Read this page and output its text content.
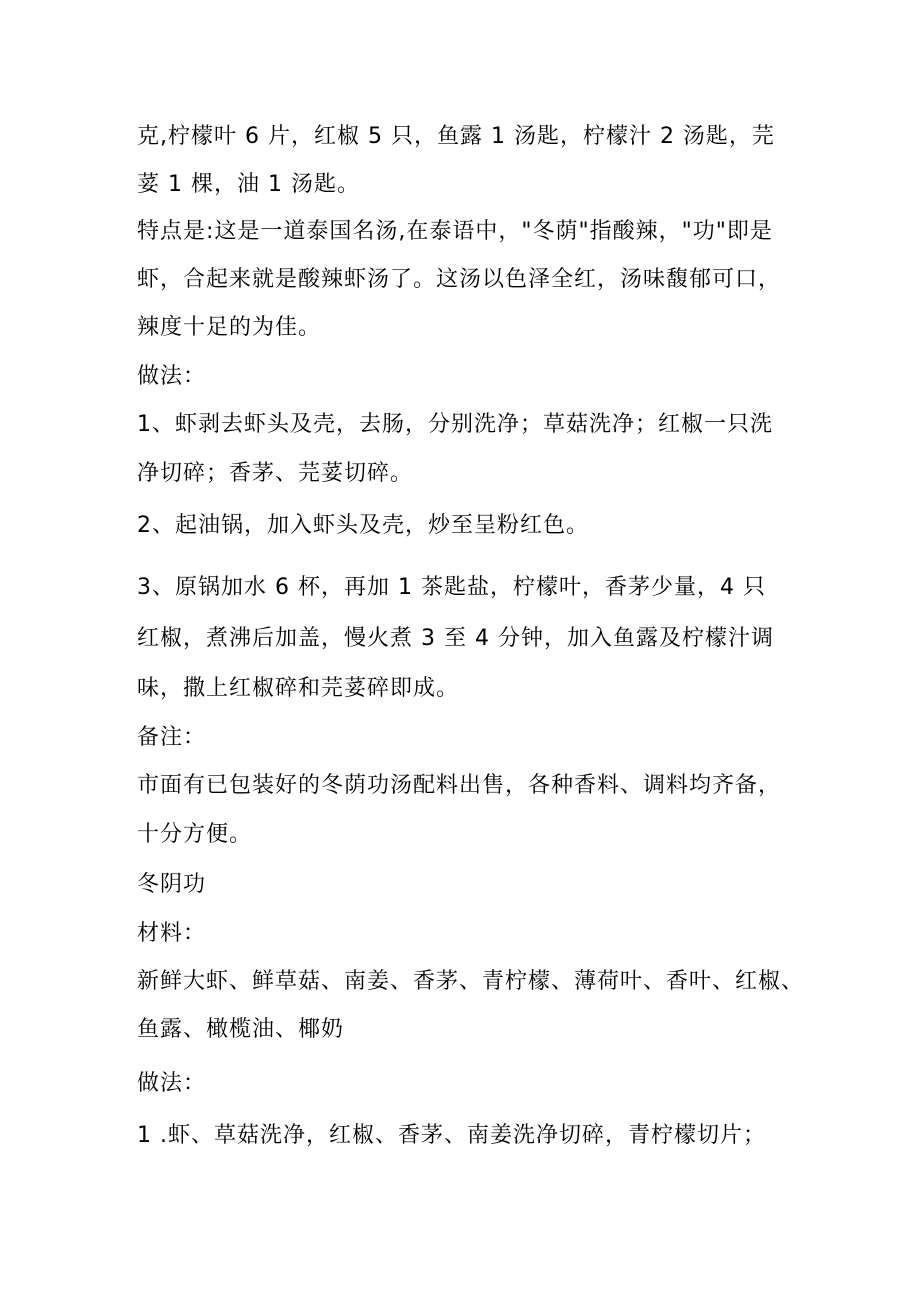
克,柠檬叶 6 片，红椒 5 只，鱼露 1 汤匙，柠檬汁 2 汤匙，芫
荽 1 棵，油 1 汤匙。
特点是:这是一道泰国名汤,在泰语中，"冬荫"指酸辣，"功"即是
虾，合起来就是酸辣虾汤了。这汤以色泽全红，汤味馥郁可口，
辣度十足的为佳。
做法：
1、虾剥去虾头及壳，去肠，分别洗净；草菇洗净；红椒一只洗
净切碎；香茅、芫荽切碎。
2、起油锅，加入虾头及壳，炒至呈粉红色。
3、原锅加水 6 杯，再加 1 茶匙盐，柠檬叶，香茅少量，4 只
红椒，煮沸后加盖，慢火煮 3 至 4 分钟，加入鱼露及柠檬汁调
味，撒上红椒碎和芫荽碎即成。
备注：
市面有已包装好的冬荫功汤配料出售，各种香料、调料均齐备，
十分方便。
冬阴功
材料：
新鲜大虾、鲜草菇、南姜、香茅、青柠檬、薄荷叶、香叶、红椒、
鱼露、橄榄油、椰奶
做法：
1 .虾、草菇洗净，红椒、香茅、南姜洗净切碎，青柠檬切片；
